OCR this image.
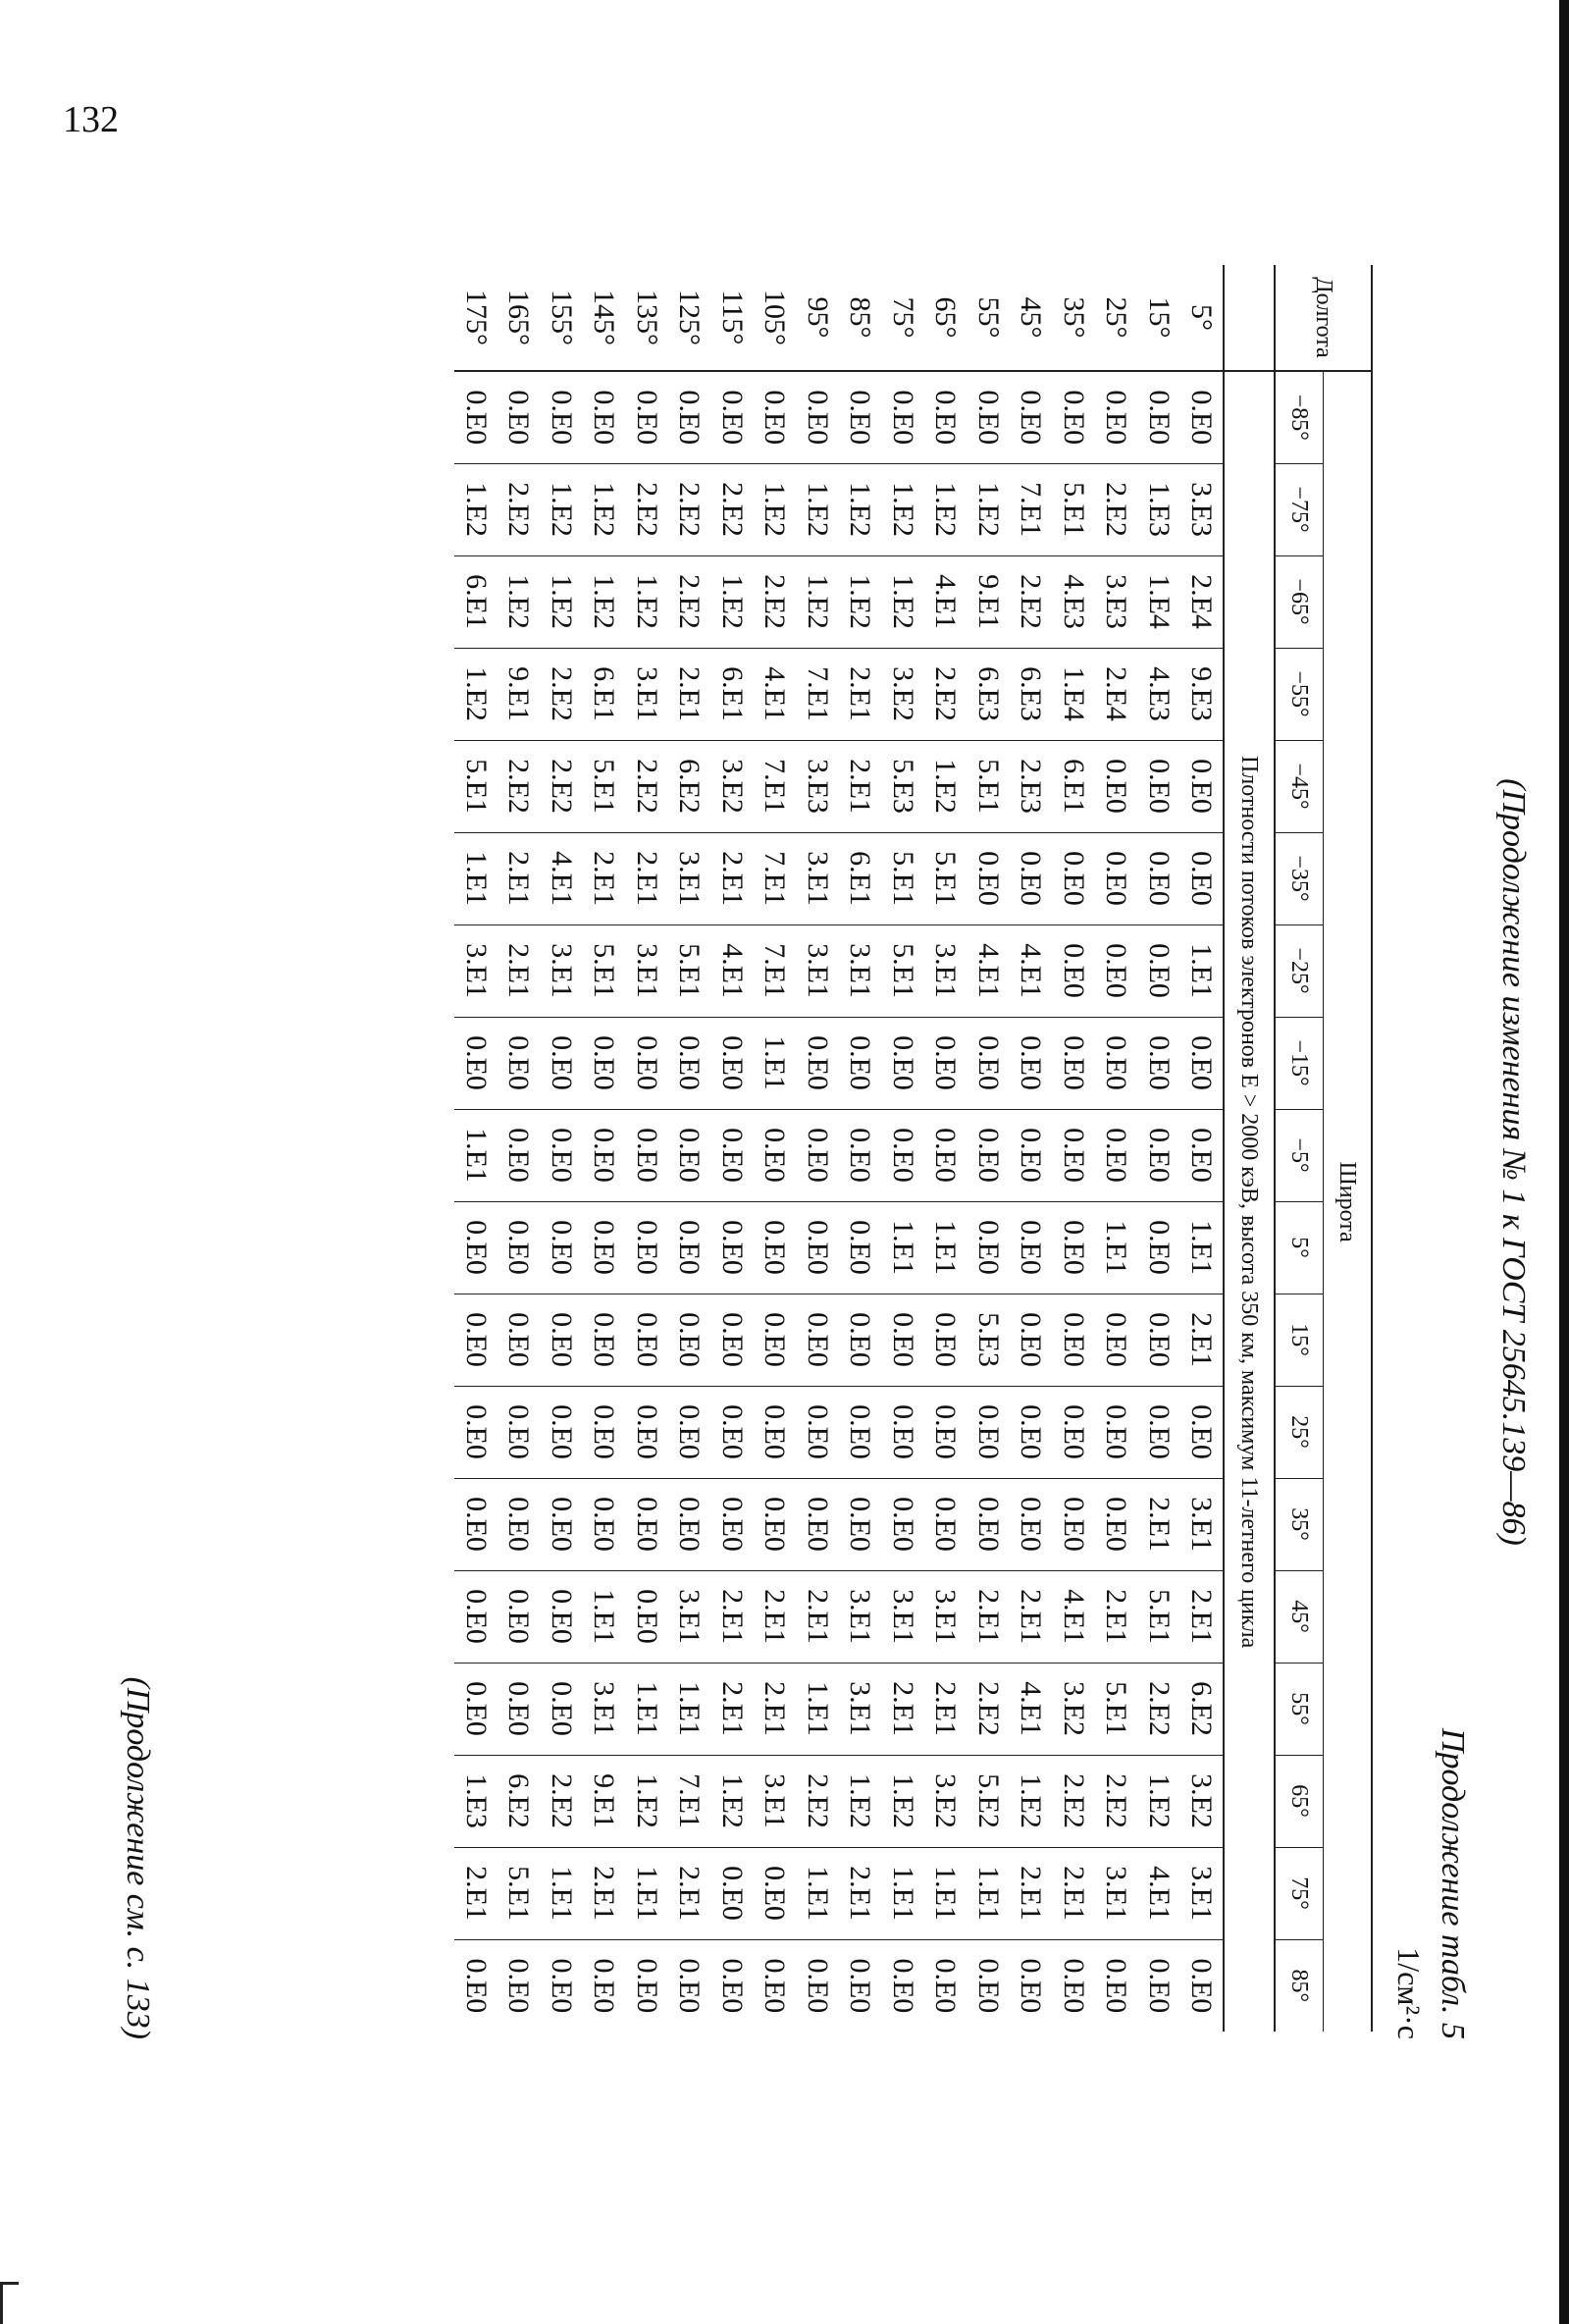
(Продолжение изменения № 1 к ГОСТ 25645.139—86)
Продолжение табл. 5
1/см²·с
Долгота	Широта																	
	−85°	−75°	−65°	−55°	−45°	−35°	−25°	−15°	−5°	5°	15°	25°	35°	45°	55°	65°	75°	85°
	Плотности потоков электронов E > 2000 кэВ, высота 350 км, максимум 11-летнего цикла																	
5°	0.E0	3.E3	2.E4	9.E3	0.E0	0.E0	1.E1	0.E0	0.E0	1.E1	2.E1	0.E0	3.E1	2.E1	6.E2	3.E2	3.E1	0.E0
15°	0.E0	1.E3	1.E4	4.E3	0.E0	0.E0	0.E0	0.E0	0.E0	0.E0	0.E0	0.E0	2.E1	5.E1	2.E2	1.E2	4.E1	0.E0
25°	0.E0	2.E2	3.E3	2.E4	0.E0	0.E0	0.E0	0.E0	0.E0	1.E1	0.E0	0.E0	0.E0	2.E1	5.E1	2.E2	3.E1	0.E0
35°	0.E0	5.E1	4.E3	1.E4	6.E1	0.E0	0.E0	0.E0	0.E0	0.E0	0.E0	0.E0	0.E0	4.E1	3.E2	2.E2	2.E1	0.E0
45°	0.E0	7.E1	2.E2	6.E3	2.E3	0.E0	4.E1	0.E0	0.E0	0.E0	0.E0	0.E0	0.E0	2.E1	4.E1	1.E2	2.E1	0.E0
55°	0.E0	1.E2	9.E1	6.E3	5.E1	0.E0	4.E1	0.E0	0.E0	0.E0	5.E3	0.E0	0.E0	2.E1	2.E2	5.E2	1.E1	0.E0
65°	0.E0	1.E2	4.E1	2.E2	1.E2	5.E1	3.E1	0.E0	0.E0	1.E1	0.E0	0.E0	0.E0	3.E1	2.E1	3.E2	1.E1	0.E0
75°	0.E0	1.E2	1.E2	3.E2	5.E3	5.E1	5.E1	0.E0	0.E0	1.E1	0.E0	0.E0	0.E0	3.E1	2.E1	1.E2	1.E1	0.E0
85°	0.E0	1.E2	1.E2	2.E1	2.E1	6.E1	3.E1	0.E0	0.E0	0.E0	0.E0	0.E0	0.E0	3.E1	3.E1	1.E2	2.E1	0.E0
95°	0.E0	1.E2	1.E2	7.E1	3.E3	3.E1	3.E1	0.E0	0.E0	0.E0	0.E0	0.E0	0.E0	2.E1	1.E1	2.E2	1.E1	0.E0
105°	0.E0	1.E2	2.E2	4.E1	7.E1	7.E1	7.E1	1.E1	0.E0	0.E0	0.E0	0.E0	0.E0	2.E1	2.E1	3.E1	0.E0	0.E0
115°	0.E0	2.E2	1.E2	6.E1	3.E2	2.E1	4.E1	0.E0	0.E0	0.E0	0.E0	0.E0	0.E0	2.E1	2.E1	1.E2	0.E0	0.E0
125°	0.E0	2.E2	2.E2	2.E1	6.E2	3.E1	5.E1	0.E0	0.E0	0.E0	0.E0	0.E0	0.E0	3.E1	1.E1	7.E1	2.E1	0.E0
135°	0.E0	2.E2	1.E2	3.E1	2.E2	2.E1	3.E1	0.E0	0.E0	0.E0	0.E0	0.E0	0.E0	0.E0	1.E1	1.E2	1.E1	0.E0
145°	0.E0	1.E2	1.E2	6.E1	5.E1	2.E1	5.E1	0.E0	0.E0	0.E0	0.E0	0.E0	0.E0	1.E1	3.E1	9.E1	2.E1	0.E0
155°	0.E0	1.E2	1.E2	2.E2	2.E2	4.E1	3.E1	0.E0	0.E0	0.E0	0.E0	0.E0	0.E0	0.E0	0.E0	2.E2	1.E1	0.E0
165°	0.E0	2.E2	1.E2	9.E1	2.E2	2.E1	2.E1	0.E0	0.E0	0.E0	0.E0	0.E0	0.E0	0.E0	0.E0	6.E2	5.E1	0.E0
175°	0.E0	1.E2	6.E1	1.E2	5.E1	1.E1	3.E1	0.E0	1.E1	0.E0	0.E0	0.E0	0.E0	0.E0	0.E0	1.E3	2.E1	0.E0
(Продолжение см. с. 133)
132
